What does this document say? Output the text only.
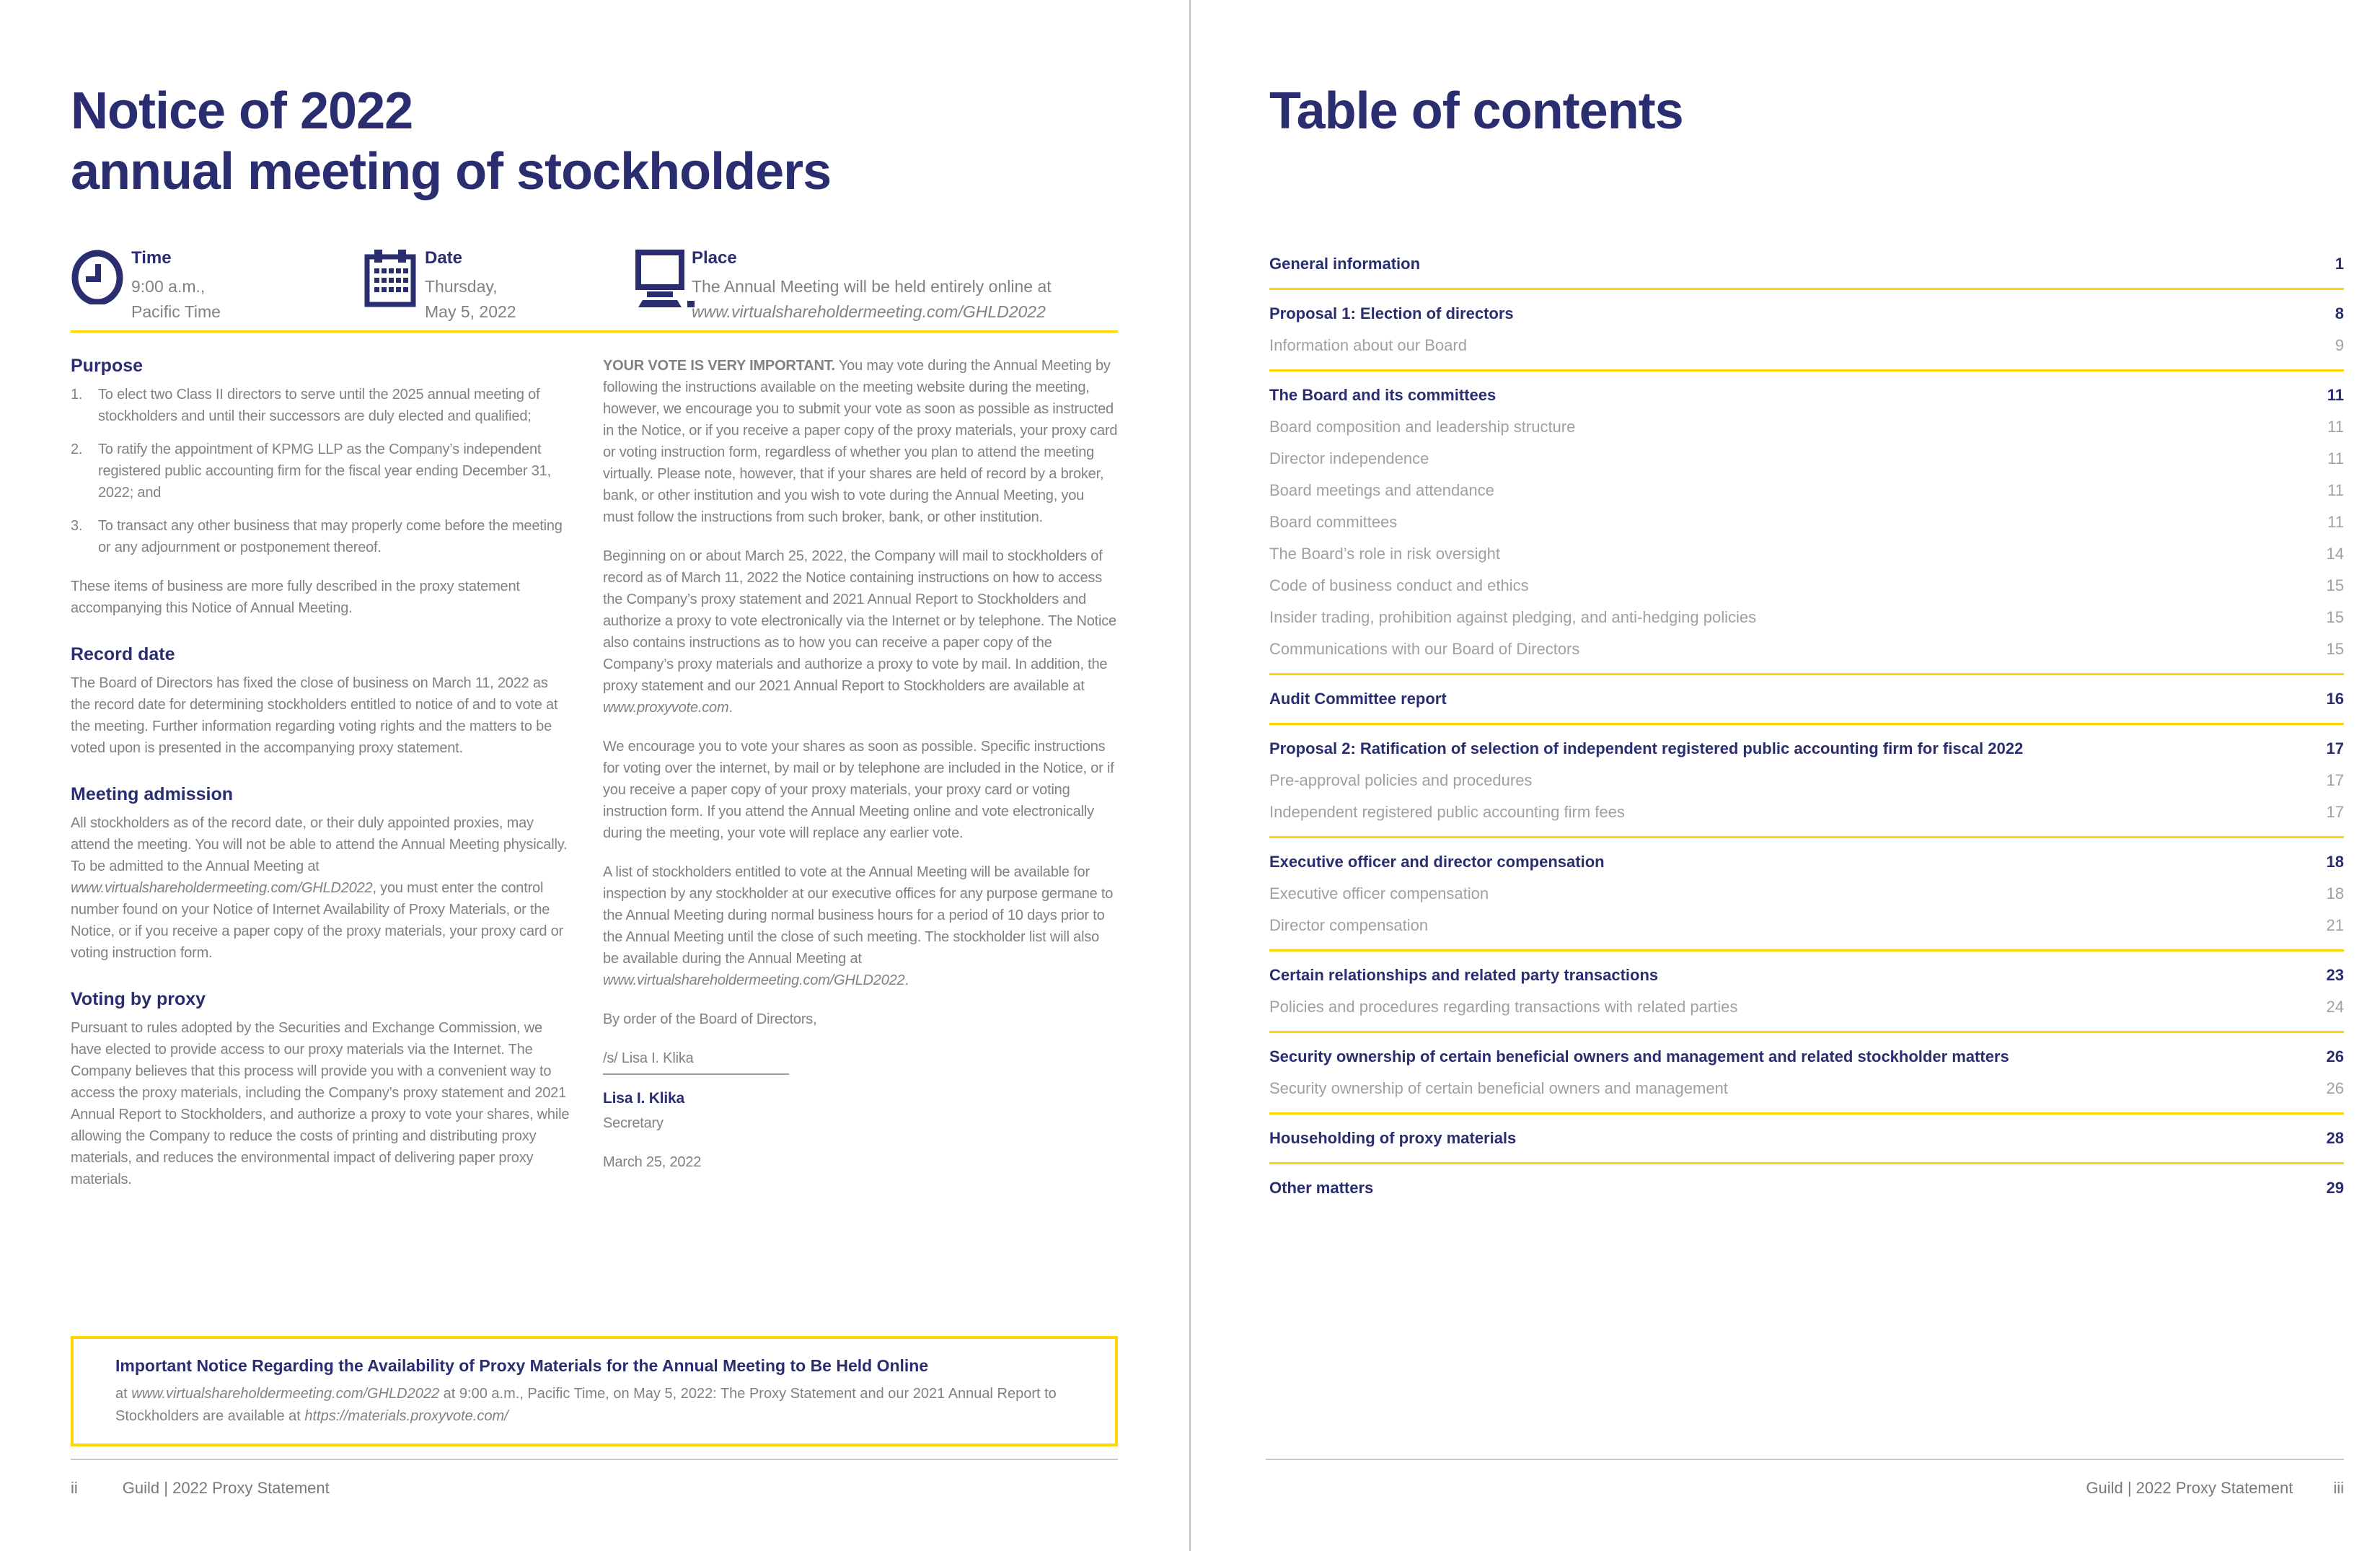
Notice of 2022
annual meeting of stockholders
Time
9:00 a.m.,
Pacific Time
Date
Thursday,
May 5, 2022
Place
The Annual Meeting will be held entirely online at
www.virtualshareholdermeeting.com/GHLD2022
Purpose
1.	To elect two Class II directors to serve until the 2025 annual meeting of stockholders and until their successors are duly elected and qualified;
2.	To ratify the appointment of KPMG LLP as the Company’s independent registered public accounting firm for the fiscal year ending December 31, 2022; and
3.	To transact any other business that may properly come before the meeting or any adjournment or postponement thereof.

These items of business are more fully described in the proxy statement accompanying this Notice of Annual Meeting.

Record date

The Board of Directors has fixed the close of business on March 11, 2022 as the record date for determining stockholders entitled to notice of and to vote at the meeting. Further information regarding voting rights and the matters to be voted upon is presented in the accompanying proxy statement.

Meeting admission

All stockholders as of the record date, or their duly appointed proxies, may attend the meeting. You will not be able to attend the Annual Meeting physically. To be admitted to the Annual Meeting at www.virtualshareholdermeeting.com/GHLD2022, you must enter the control number found on your Notice of Internet Availability of Proxy Materials, or the Notice, or if you receive a paper copy of the proxy materials, your proxy card or voting instruction form.

Voting by proxy

Pursuant to rules adopted by the Securities and Exchange Commission, we have elected to provide access to our proxy materials via the Internet. The Company believes that this process will provide you with a convenient way to access the proxy materials, including the Company’s proxy statement and 2021 Annual Report to Stockholders, and authorize a proxy to vote your shares, while allowing the Company to reduce the costs of printing and distributing proxy materials, and reduces the environmental impact of delivering paper proxy materials.

YOUR VOTE IS VERY IMPORTANT. You may vote during the Annual Meeting by following the instructions available on the meeting website during the meeting, however, we encourage you to submit your vote as soon as possible as instructed in the Notice, or if you receive a paper copy of the proxy materials, your proxy card or voting instruction form, regardless of whether you plan to attend the meeting virtually. Please note, however, that if your shares are held of record by a broker, bank, or other institution and you wish to vote during the Annual Meeting, you must follow the instructions from such broker, bank, or other institution.

Beginning on or about March 25, 2022, the Company will mail to stockholders of record as of March 11, 2022 the Notice containing instructions on how to access the Company’s proxy statement and 2021 Annual Report to Stockholders and authorize a proxy to vote electronically via the Internet or by telephone. The Notice also contains instructions as to how you can receive a paper copy of the Company’s proxy materials and authorize a proxy to vote by mail. In addition, the proxy statement and our 2021 Annual Report to Stockholders are available at www.proxyvote.com.

We encourage you to vote your shares as soon as possible. Specific instructions for voting over the internet, by mail or by telephone are included in the Notice, or if you receive a paper copy of your proxy materials, your proxy card or voting instruction form. If you attend the Annual Meeting online and vote electronically during the meeting, your vote will replace any earlier vote.

A list of stockholders entitled to vote at the Annual Meeting will be available for inspection by any stockholder at our executive offices for any purpose germane to the Annual Meeting during normal business hours for a period of 10 days prior to the Annual Meeting until the close of such meeting. The stockholder list will also be available during the Annual Meeting at www.virtualshareholdermeeting.com/GHLD2022.

By order of the Board of Directors,

/s/ Lisa I. Klika

Lisa I. Klika
Secretary

March 25, 2022

Important Notice Regarding the Availability of Proxy Materials for the Annual Meeting to Be Held Online
at www.virtualshareholdermeeting.com/GHLD2022 at 9:00 a.m., Pacific Time, on May 5, 2022: The Proxy Statement and our 2021 Annual Report to Stockholders are available at https://materials.proxyvote.com/
ii	Guild | 2022 Proxy Statement
Table of contents
General information	1
Proposal 1: Election of directors	8
Information about our Board	9
The Board and its committees	11
Board composition and leadership structure	11
Director independence	11
Board meetings and attendance	11
Board committees	11
The Board’s role in risk oversight	14
Code of business conduct and ethics	15
Insider trading, prohibition against pledging, and anti-hedging policies	15
Communications with our Board of Directors	15
Audit Committee report	16
Proposal 2: Ratification of selection of independent registered public accounting firm for fiscal 2022	17
Pre-approval policies and procedures	17
Independent registered public accounting firm fees	17
Executive officer and director compensation	18
Executive officer compensation	18
Director compensation	21
Certain relationships and related party transactions	23
Policies and procedures regarding transactions with related parties	24
Security ownership of certain beneficial owners and management and related stockholder matters	26
Security ownership of certain beneficial owners and management	26
Householding of proxy materials	28
Other matters	29
Guild | 2022 Proxy Statement	iii
